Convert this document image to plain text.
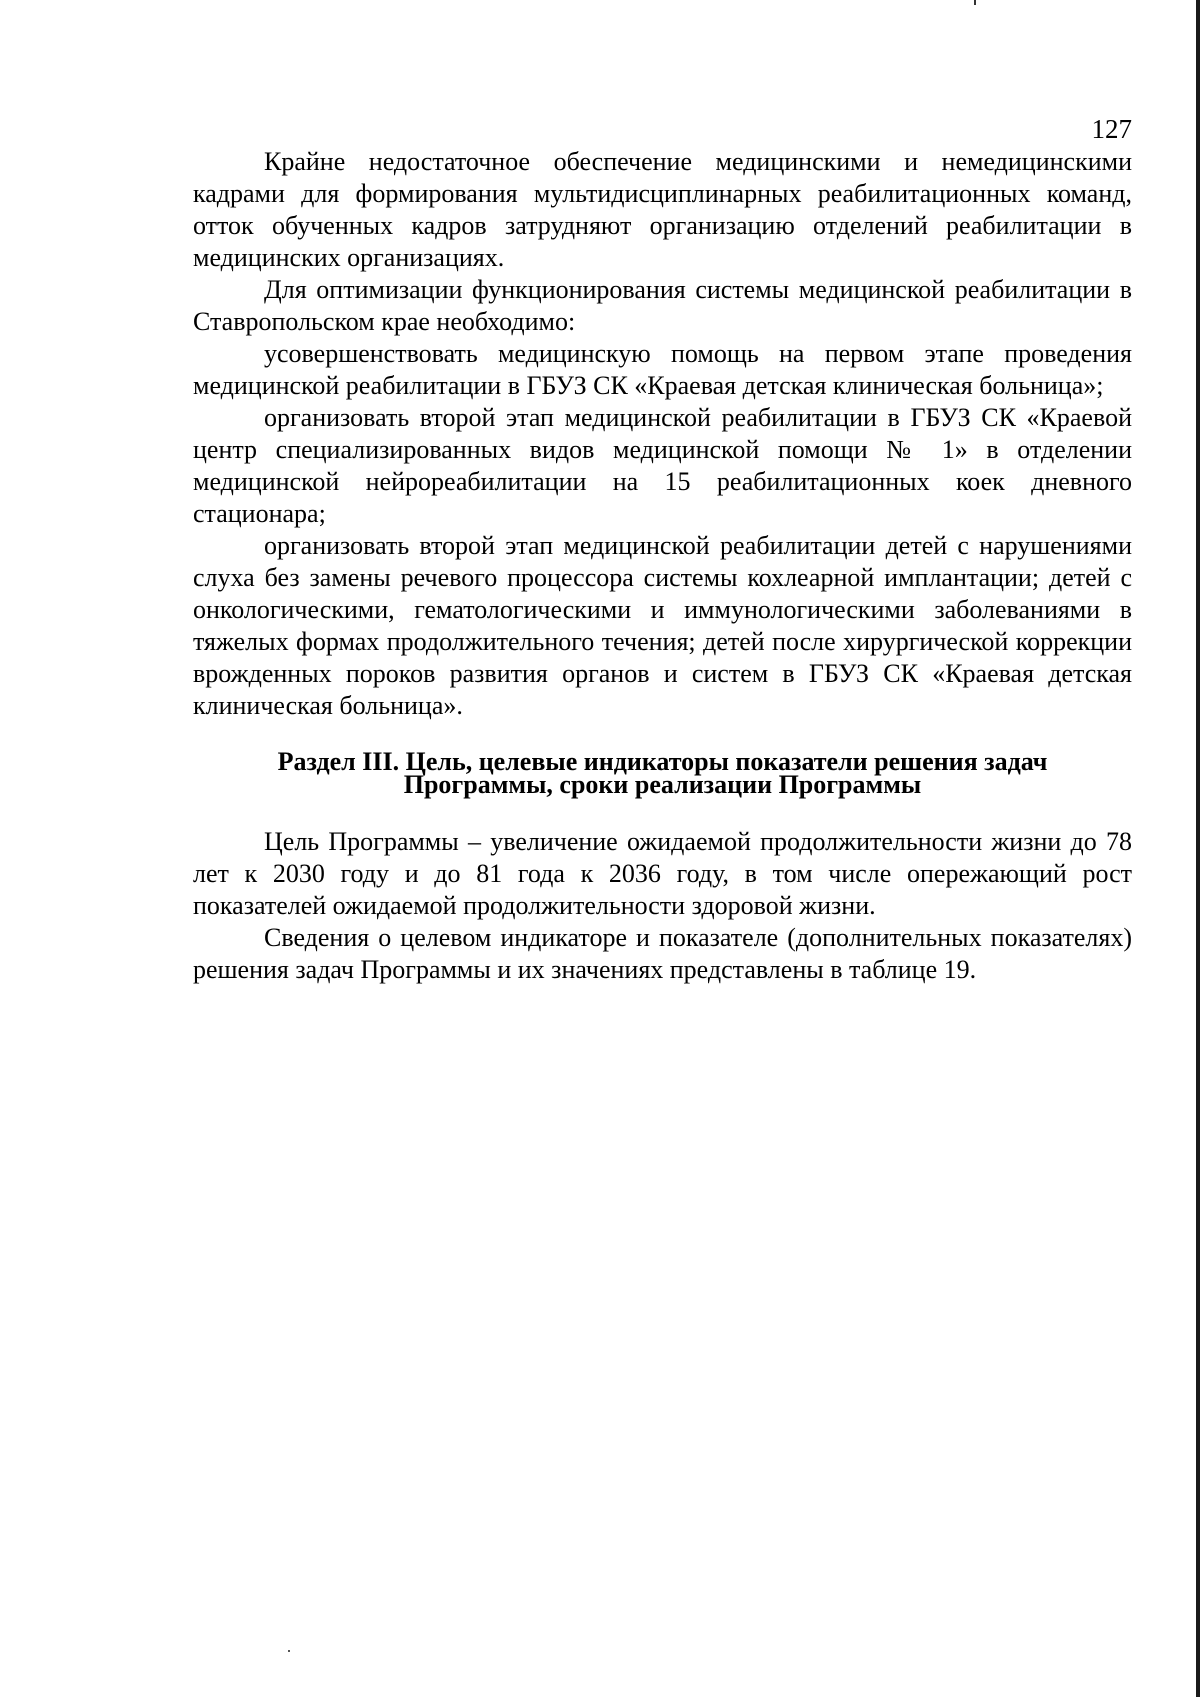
127

Крайне недостаточное обеспечение медицинскими и немедицинскими кадрами для формирования мультидисциплинарных реабилитационных команд, отток обученных кадров затрудняют организацию отделений реабилитации в медицинских организациях.

Для оптимизации функционирования системы медицинской реабилитации в Ставропольском крае необходимо:

усовершенствовать медицинскую помощь на первом этапе проведения медицинской реабилитации в ГБУЗ СК «Краевая детская клиническая больница»;

организовать второй этап медицинской реабилитации в ГБУЗ СК «Краевой центр специализированных видов медицинской помощи № 1» в отделении медицинской нейрореабилитации на 15 реабилитационных коек дневного стационара;

организовать второй этап медицинской реабилитации детей с нарушениями слуха без замены речевого процессора системы кохлеарной имплантации; детей с онкологическими, гематологическими и иммунологическими заболеваниями в тяжелых формах продолжительного течения; детей после хирургической коррекции врожденных пороков развития органов и систем в ГБУЗ СК «Краевая детская клиническая больница».

Раздел III. Цель, целевые индикаторы показатели решения задач Программы, сроки реализации Программы

Цель Программы – увеличение ожидаемой продолжительности жизни до 78 лет к 2030 году и до 81 года к 2036 году, в том числе опережающий рост показателей ожидаемой продолжительности здоровой жизни.

Сведения о целевом индикаторе и показателе (дополнительных показателях) решения задач Программы и их значениях представлены в таблице 19.
